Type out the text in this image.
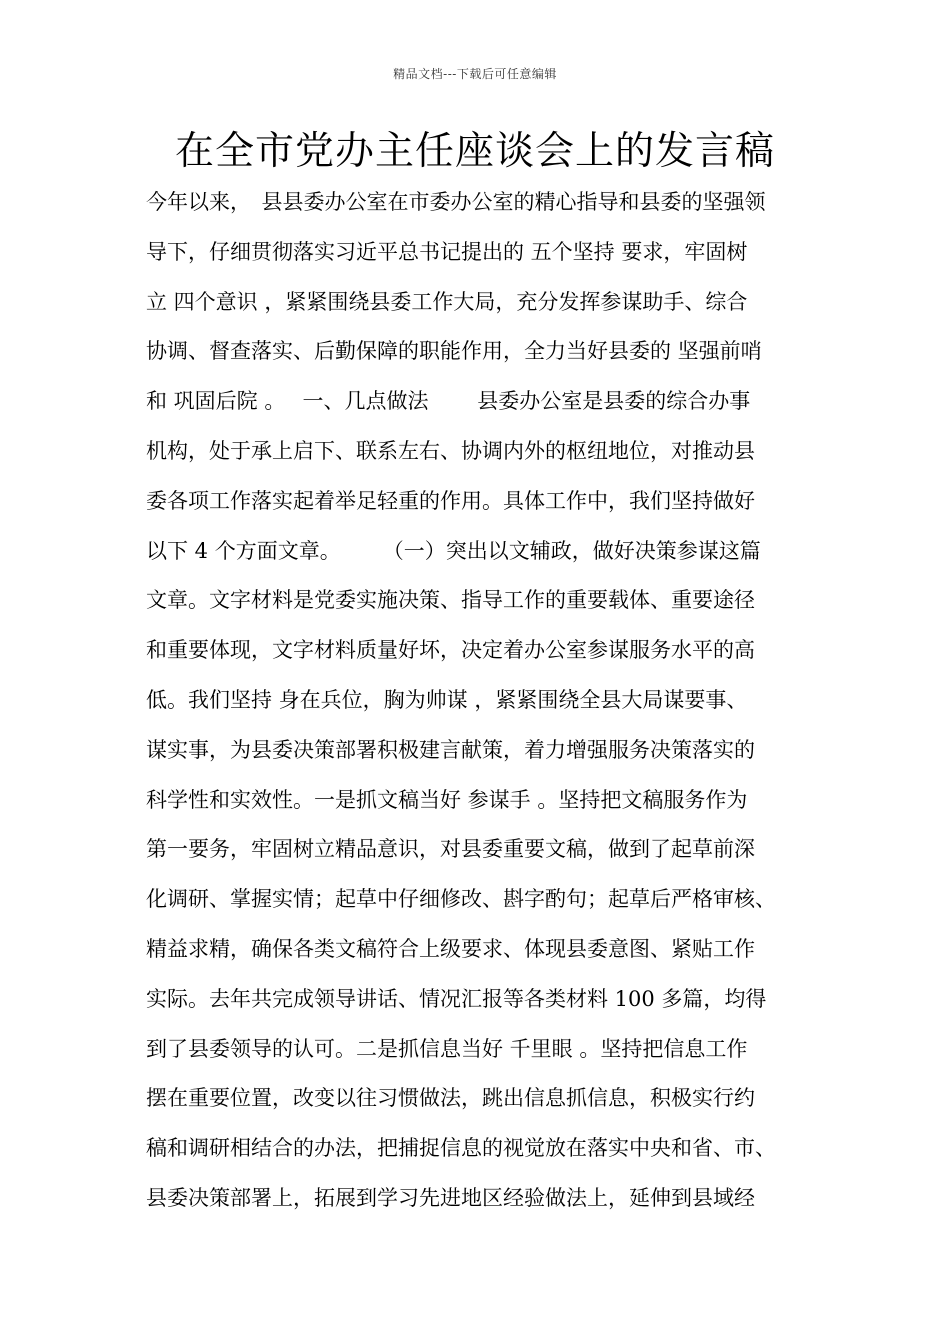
精品文档---下载后可任意编辑
在全市党办主任座谈会上的发言稿
今年以来，　县县委办公室在市委办公室的精心指导和县委的坚强领
导下，仔细贯彻落实习近平总书记提出的 五个坚持 要求，牢固树
立 四个意识 ，紧紧围绕县委工作大局，充分发挥参谋助手、综合
协调、督查落实、后勤保障的职能作用，全力当好县委的 坚强前哨
和 巩固后院 。　 一、几点做法　　 县委办公室是县委的综合办事
机构，处于承上启下、联系左右、协调内外的枢纽地位，对推动县
委各项工作落实起着举足轻重的作用。具体工作中，我们坚持做好
以下 4 个方面文章。　　　（一）突出以文辅政，做好决策参谋这篇
文章。文字材料是党委实施决策、指导工作的重要载体、重要途径
和重要体现，文字材料质量好坏，决定着办公室参谋服务水平的高
低。我们坚持 身在兵位，胸为帅谋 ，紧紧围绕全县大局谋要事、
谋实事，为县委决策部署积极建言献策，着力增强服务决策落实的
科学性和实效性。一是抓文稿当好 参谋手 。坚持把文稿服务作为
第一要务，牢固树立精品意识，对县委重要文稿，做到了起草前深
化调研、掌握实情；起草中仔细修改、斟字酌句；起草后严格审核、
精益求精，确保各类文稿符合上级要求、体现县委意图、紧贴工作
实际。去年共完成领导讲话、情况汇报等各类材料 100 多篇，均得
到了县委领导的认可。二是抓信息当好 千里眼 。坚持把信息工作
摆在重要位置，改变以往习惯做法，跳出信息抓信息，积极实行约
稿和调研相结合的办法，把捕捉信息的视觉放在落实中央和省、市、
县委决策部署上，拓展到学习先进地区经验做法上，延伸到县域经
